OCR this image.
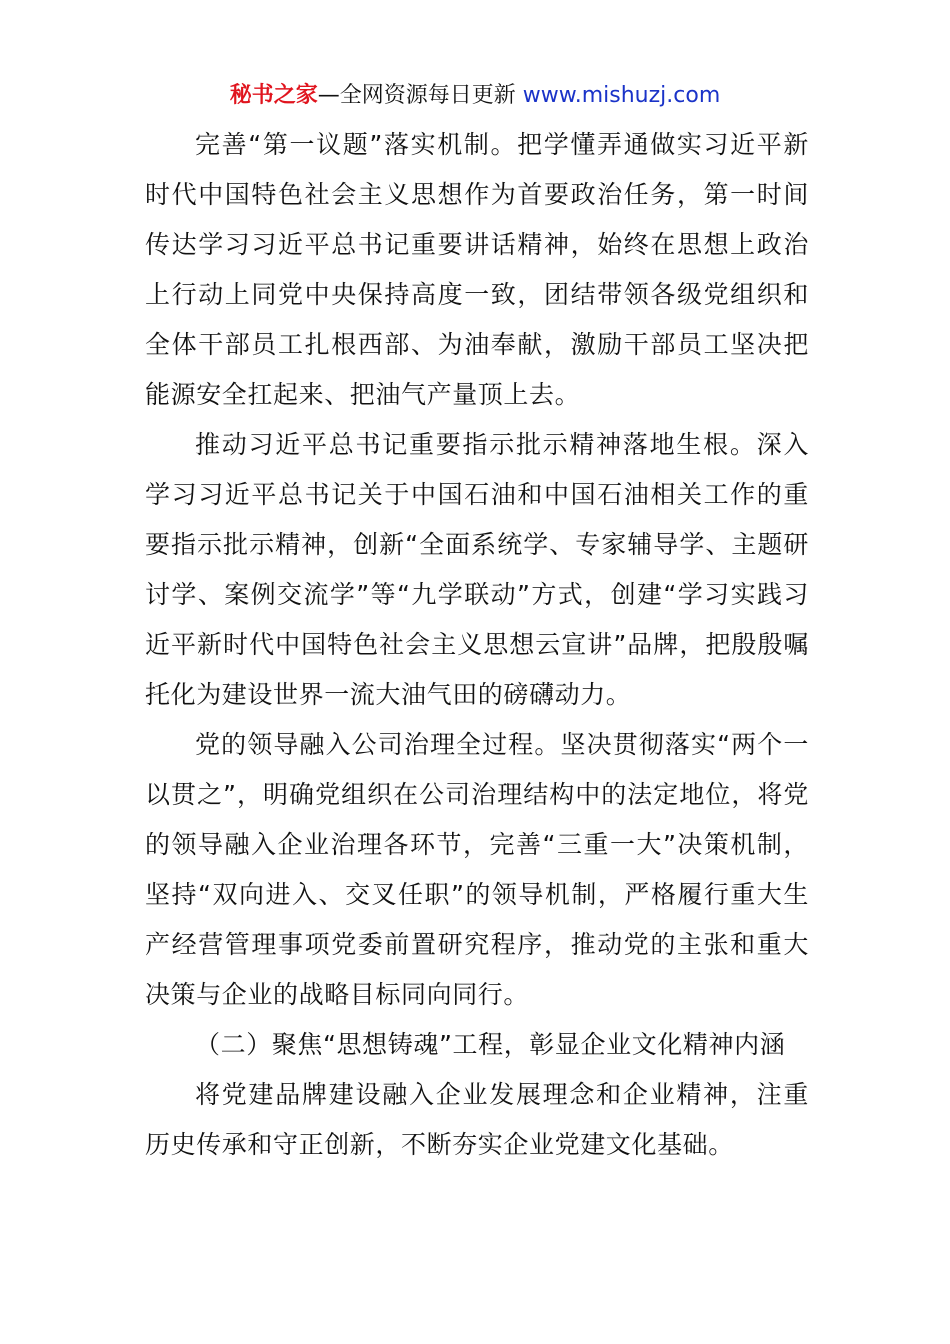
秘书之家—全网资源每日更新 www.mishuzj.com

完善“第一议题”落实机制。把学懂弄通做实习近平新时代中国特色社会主义思想作为首要政治任务，第一时间传达学习习近平总书记重要讲话精神，始终在思想上政治上行动上同党中央保持高度一致，团结带领各级党组织和全体干部员工扎根西部、为油奉献，激励干部员工坚决把能源安全扛起来、把油气产量顶上去。

推动习近平总书记重要指示批示精神落地生根。深入学习习近平总书记关于中国石油和中国石油相关工作的重要指示批示精神，创新“全面系统学、专家辅导学、主题研讨学、案例交流学”等“九学联动”方式，创建“学习实践习近平新时代中国特色社会主义思想云宣讲”品牌，把殷殷嘱托化为建设世界一流大油气田的磅礴动力。

党的领导融入公司治理全过程。坚决贯彻落实“两个一以贯之”，明确党组织在公司治理结构中的法定地位，将党的领导融入企业治理各环节，完善“三重一大”决策机制，坚持“双向进入、交叉任职”的领导机制，严格履行重大生产经营管理事项党委前置研究程序，推动党的主张和重大决策与企业的战略目标同向同行。

（二）聚焦“思想铸魂”工程，彰显企业文化精神内涵

将党建品牌建设融入企业发展理念和企业精神，注重历史传承和守正创新，不断夯实企业党建文化基础。
